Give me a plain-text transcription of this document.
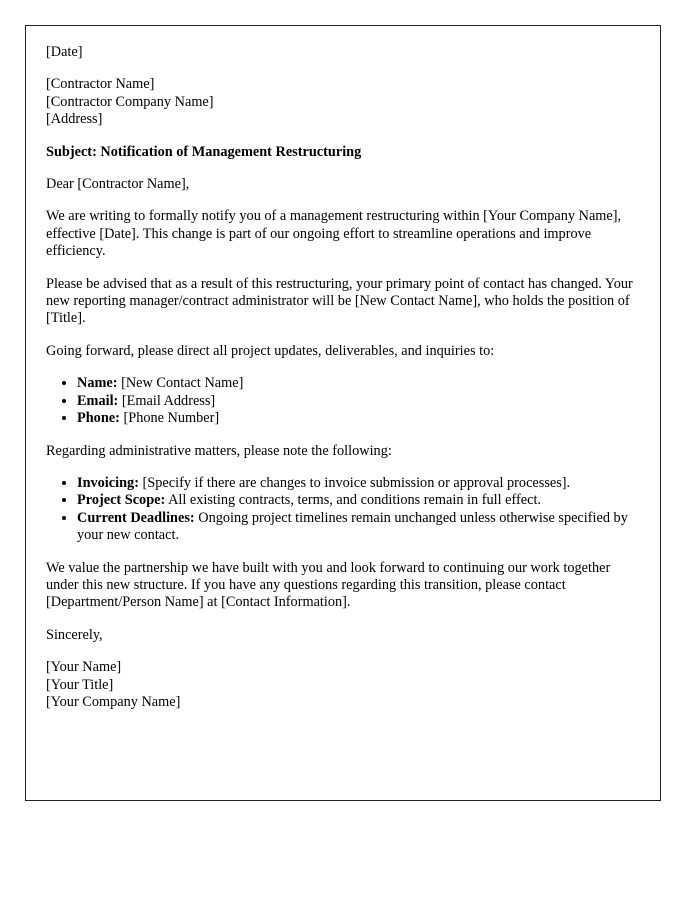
[Date]

[Contractor Name]
[Contractor Company Name]
[Address]

Subject: Notification of Management Restructuring

Dear [Contractor Name],

We are writing to formally notify you of a management restructuring within [Your Company Name], effective [Date]. This change is part of our ongoing effort to streamline operations and improve efficiency.

Please be advised that as a result of this restructuring, your primary point of contact has changed. Your new reporting manager/contract administrator will be [New Contact Name], who holds the position of [Title].

Going forward, please direct all project updates, deliverables, and inquiries to:

• Name: [New Contact Name]
• Email: [Email Address]
• Phone: [Phone Number]

Regarding administrative matters, please note the following:

• Invoicing: [Specify if there are changes to invoice submission or approval processes].
• Project Scope: All existing contracts, terms, and conditions remain in full effect.
• Current Deadlines: Ongoing project timelines remain unchanged unless otherwise specified by your new contact.

We value the partnership we have built with you and look forward to continuing our work together under this new structure. If you have any questions regarding this transition, please contact [Department/Person Name] at [Contact Information].

Sincerely,

[Your Name]
[Your Title]
[Your Company Name]
